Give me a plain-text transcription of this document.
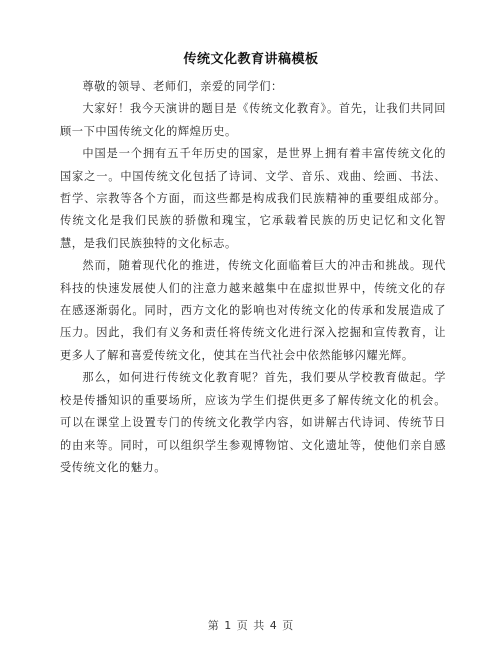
传统文化教育讲稿模板

尊敬的领导、老师们，亲爱的同学们：

大家好！我今天演讲的题目是《传统文化教育》。首先，让我们共同回顾一下中国传统文化的辉煌历史。

中国是一个拥有五千年历史的国家，是世界上拥有着丰富传统文化的国家之一。中国传统文化包括了诗词、文学、音乐、戏曲、绘画、书法、哲学、宗教等各个方面，而这些都是构成我们民族精神的重要组成部分。传统文化是我们民族的骄傲和瑰宝，它承载着民族的历史记忆和文化智慧，是我们民族独特的文化标志。

然而，随着现代化的推进，传统文化面临着巨大的冲击和挑战。现代科技的快速发展使人们的注意力越来越集中在虚拟世界中，传统文化的存在感逐渐弱化。同时，西方文化的影响也对传统文化的传承和发展造成了压力。因此，我们有义务和责任将传统文化进行深入挖掘和宣传教育，让更多人了解和喜爱传统文化，使其在当代社会中依然能够闪耀光辉。

那么，如何进行传统文化教育呢？首先，我们要从学校教育做起。学校是传播知识的重要场所，应该为学生们提供更多了解传统文化的机会。可以在课堂上设置专门的传统文化教学内容，如讲解古代诗词、传统节日的由来等。同时，可以组织学生参观博物馆、文化遗址等，使他们亲自感受传统文化的魅力。

第 1 页 共 4 页
